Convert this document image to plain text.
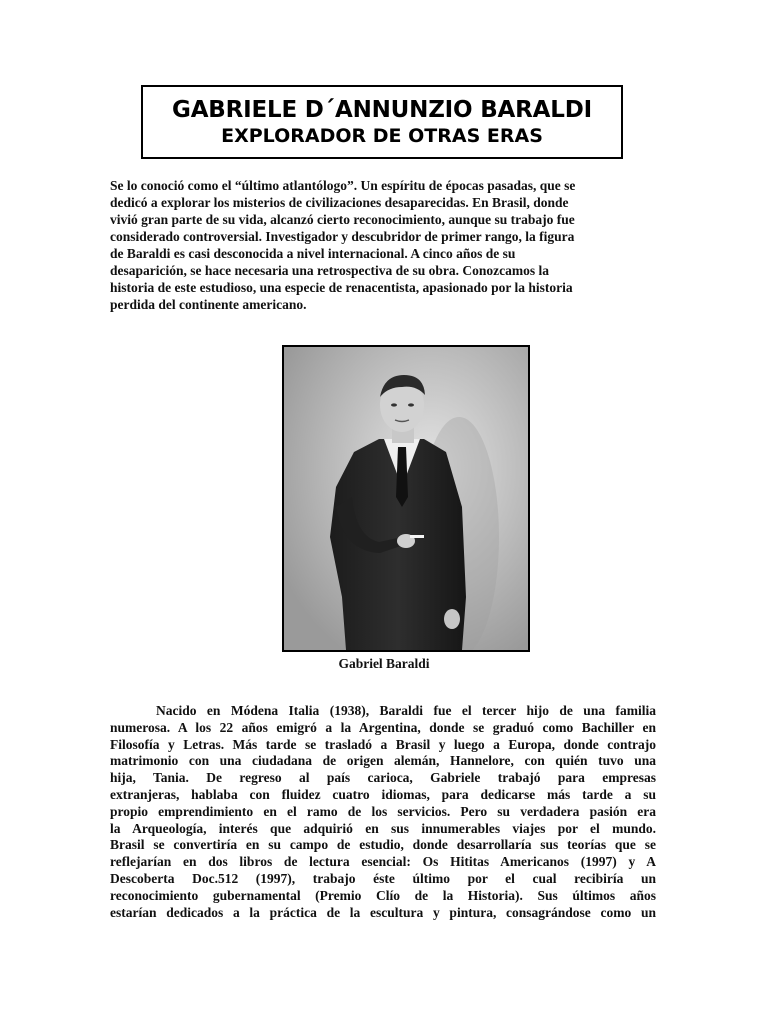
GABRIELE D´ANNUNZIO BARALDI
EXPLORADOR DE OTRAS ERAS
Se lo conoció como el “último atlantólogo”. Un espíritu de épocas pasadas, que se
dedicó a explorar los misterios de civilizaciones desaparecidas. En Brasil, donde
vivió gran parte de su vida, alcanzó cierto reconocimiento, aunque su trabajo fue
considerado controversial. Investigador y descubridor de primer rango, la figura
de Baraldi es casi desconocida a nivel internacional. A cinco años de su
desaparición, se hace necesaria una retrospectiva de su obra. Conozcamos la
historia de este estudioso, una especie de renacentista, apasionado por la historia
perdida del continente americano.
Gabriel Baraldi
Nacido en Módena Italia (1938), Baraldi fue el tercer hijo de una familia
numerosa. A los 22 años emigró a la Argentina, donde se graduó como Bachiller en
Filosofía y Letras. Más tarde se trasladó a Brasil y luego a Europa, donde contrajo
matrimonio con una ciudadana de origen alemán, Hannelore, con quién tuvo una
hija, Tania. De regreso al país carioca, Gabriele trabajó para empresas
extranjeras, hablaba con fluidez cuatro idiomas, para dedicarse más tarde a su
propio emprendimiento en el ramo de los servicios. Pero su verdadera pasión era
la Arqueología, interés que adquirió en sus innumerables viajes por el mundo.
Brasil se convertiría en su campo de estudio, donde desarrollaría sus teorías que se
reflejarían en dos libros de lectura esencial: Os Hititas Americanos (1997) y A
Descoberta Doc.512 (1997), trabajo éste último por el cual recibiría un
reconocimiento gubernamental (Premio Clío de la Historia). Sus últimos años
estarían dedicados a la práctica de la escultura y pintura, consagrándose como un
